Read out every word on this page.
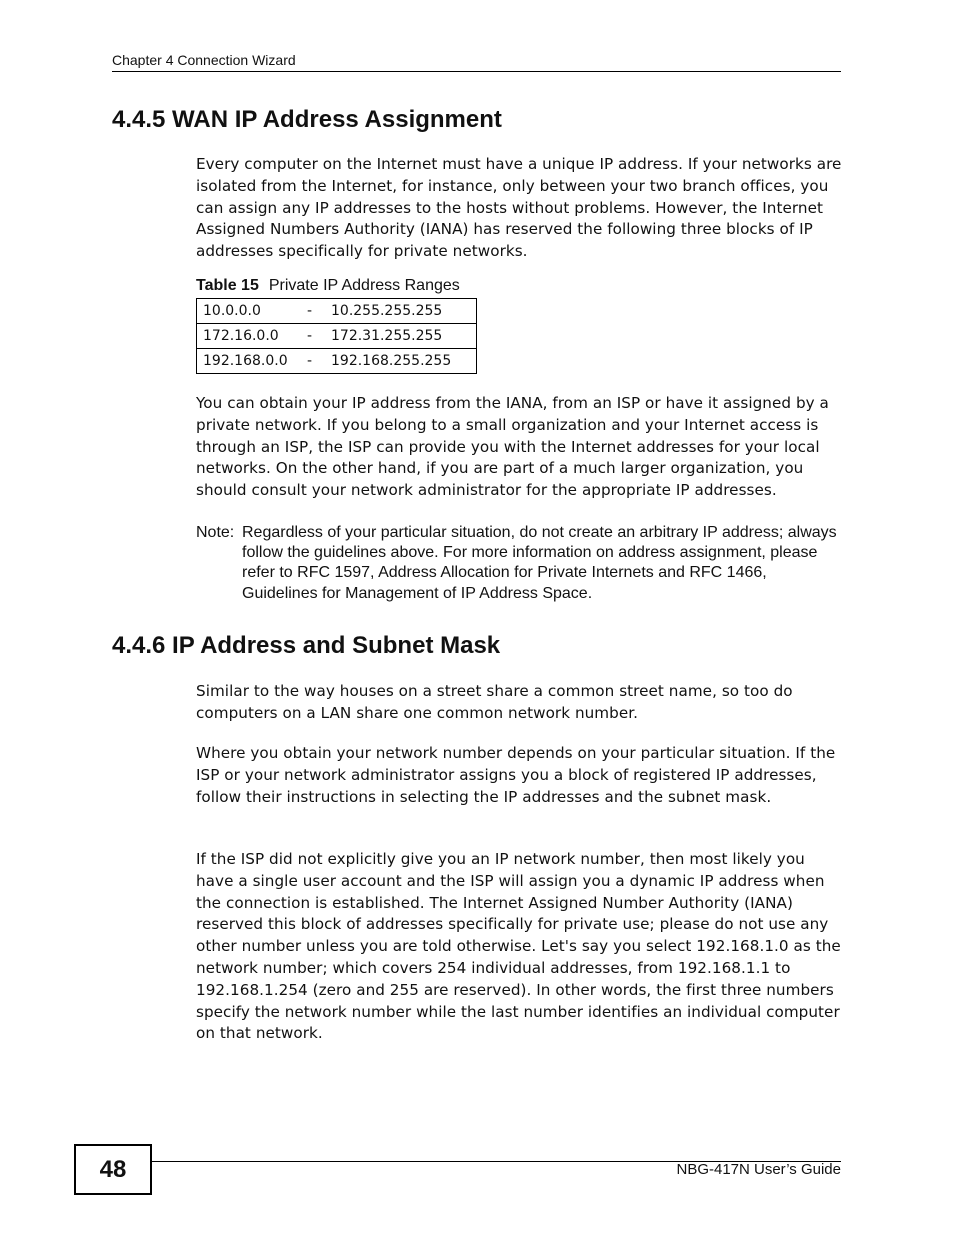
Chapter 4 Connection Wizard
4.4.5 WAN IP Address Assignment

Every computer on the Internet must have a unique IP address. If your networks are isolated from the Internet, for instance, only between your two branch offices, you can assign any IP addresses to the hosts without problems. However, the Internet Assigned Numbers Authority (IANA) has reserved the following three blocks of IP addresses specifically for private networks.

Table 15 Private IP Address Ranges
10.0.0.0	-	10.255.255.255
172.16.0.0	-	172.31.255.255
192.168.0.0	-	192.168.255.255

You can obtain your IP address from the IANA, from an ISP or have it assigned by a private network. If you belong to a small organization and your Internet access is through an ISP, the ISP can provide you with the Internet addresses for your local networks. On the other hand, if you are part of a much larger organization, you should consult your network administrator for the appropriate IP addresses.

Note: Regardless of your particular situation, do not create an arbitrary IP address; always follow the guidelines above. For more information on address assignment, please refer to RFC 1597, Address Allocation for Private Internets and RFC 1466, Guidelines for Management of IP Address Space.
4.4.6 IP Address and Subnet Mask

Similar to the way houses on a street share a common street name, so too do computers on a LAN share one common network number.

Where you obtain your network number depends on your particular situation. If the ISP or your network administrator assigns you a block of registered IP addresses, follow their instructions in selecting the IP addresses and the subnet mask.

If the ISP did not explicitly give you an IP network number, then most likely you have a single user account and the ISP will assign you a dynamic IP address when the connection is established. The Internet Assigned Number Authority (IANA) reserved this block of addresses specifically for private use; please do not use any other number unless you are told otherwise. Let's say you select 192.168.1.0 as the network number; which covers 254 individual addresses, from 192.168.1.1 to 192.168.1.254 (zero and 255 are reserved). In other words, the first three numbers specify the network number while the last number identifies an individual computer on that network.

48	NBG-417N User’s Guide
